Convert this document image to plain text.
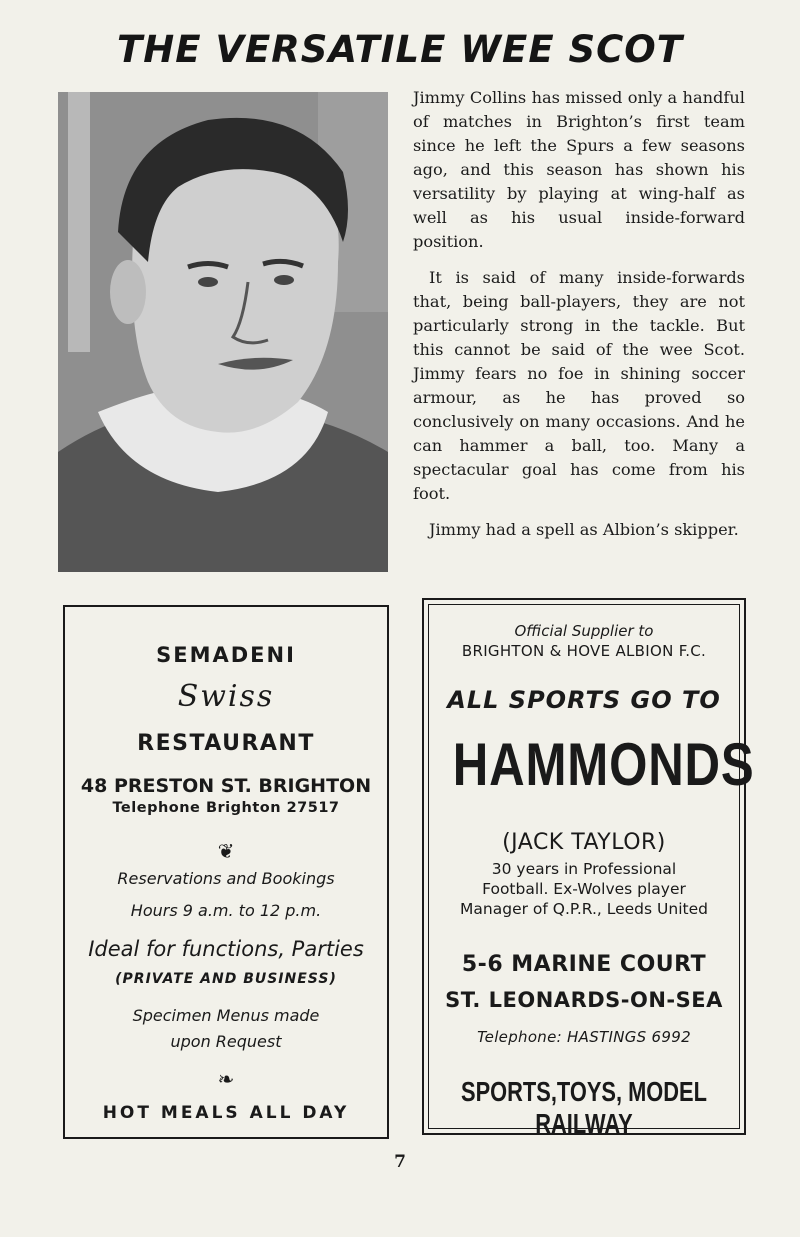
THE VERSATILE WEE SCOT

Jimmy Collins has missed only a handful of matches in Brighton’s first team since he left the Spurs a few seasons ago, and this season has shown his versatility by playing at wing-half as well as his usual inside-forward position.

It is said of many inside-forwards that, being ball-players, they are not particularly strong in the tackle. But this cannot be said of the wee Scot. Jimmy fears no foe in shining soccer armour, as he has proved so conclusively on many occasions. And he can hammer a ball, too. Many a spectacular goal has come from his foot.

Jimmy had a spell as Albion’s skipper.

SEMADENI
Swiss
RESTAURANT
48 PRESTON ST. BRIGHTON
Telephone Brighton 27517
❦
Reservations and Bookings
Hours 9 a.m. to 12 p.m.
Ideal for functions, Parties
(PRIVATE AND BUSINESS)
Specimen Menus made
upon Request
❧
HOT MEALS ALL DAY
Official Supplier to
BRIGHTON & HOVE ALBION F.C.
ALL SPORTS GO TO
HAMMONDS
(JACK TAYLOR)
30 years in Professional
Football. Ex-Wolves player
Manager of Q.P.R., Leeds United
5-6 MARINE COURT
ST. LEONARDS-ON-SEA
Telephone: HASTINGS 6992
SPORTS,TOYS, MODEL RAILWAY
7
